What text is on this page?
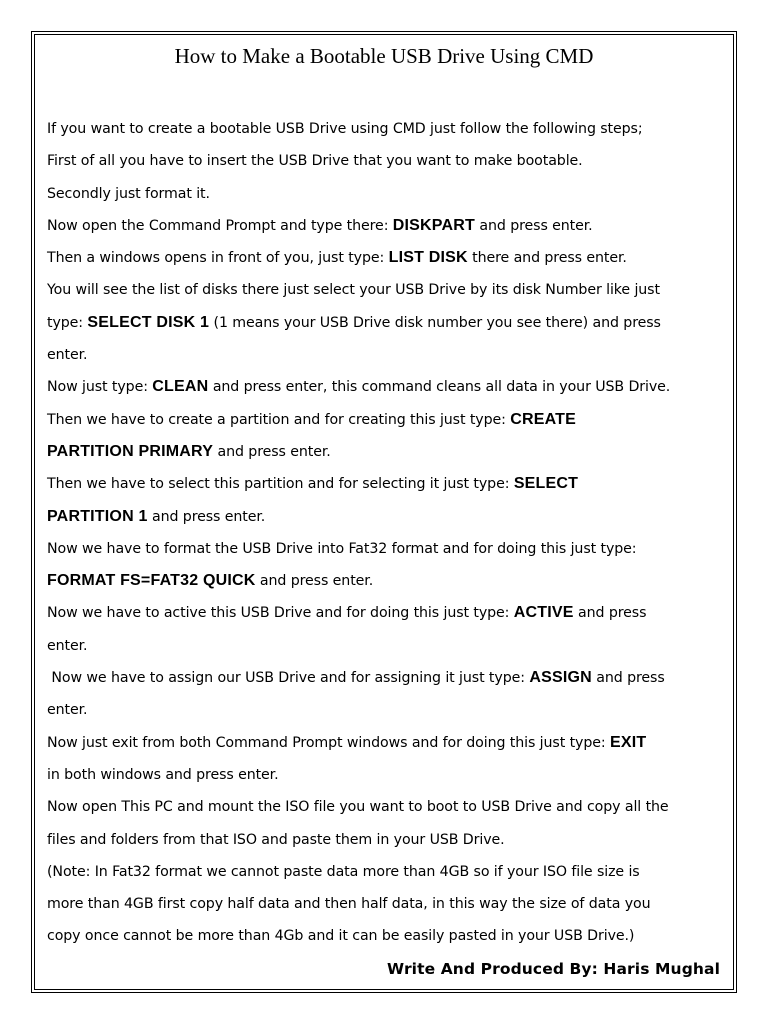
How to Make a Bootable USB Drive Using CMD

If you want to create a bootable USB Drive using CMD just follow the following steps;

First of all you have to insert the USB Drive that you want to make bootable.

Secondly just format it.

Now open the Command Prompt and type there: DISKPART and press enter.

Then a windows opens in front of you, just type: LIST DISK there and press enter.

You will see the list of disks there just select your USB Drive by its disk Number like just

type: SELECT DISK 1 (1 means your USB Drive disk number you see there) and press

enter.

Now just type: CLEAN and press enter, this command cleans all data in your USB Drive.

Then we have to create a partition and for creating this just type: CREATE

PARTITION PRIMARY and press enter.

Then we have to select this partition and for selecting it just type: SELECT

PARTITION 1 and press enter.

Now we have to format the USB Drive into Fat32 format and for doing this just type:

FORMAT FS=FAT32 QUICK and press enter.

Now we have to active this USB Drive and for doing this just type: ACTIVE and press

enter.

Now we have to assign our USB Drive and for assigning it just type: ASSIGN and press

enter.

Now just exit from both Command Prompt windows and for doing this just type: EXIT

in both windows and press enter.

Now open This PC and mount the ISO file you want to boot to USB Drive and copy all the

files and folders from that ISO and paste them in your USB Drive.

(Note: In Fat32 format we cannot paste data more than 4GB so if your ISO file size is

more than 4GB first copy half data and then half data, in this way the size of data you

copy once cannot be more than 4Gb and it can be easily pasted in your USB Drive.)

Write And Produced By: Haris Mughal
